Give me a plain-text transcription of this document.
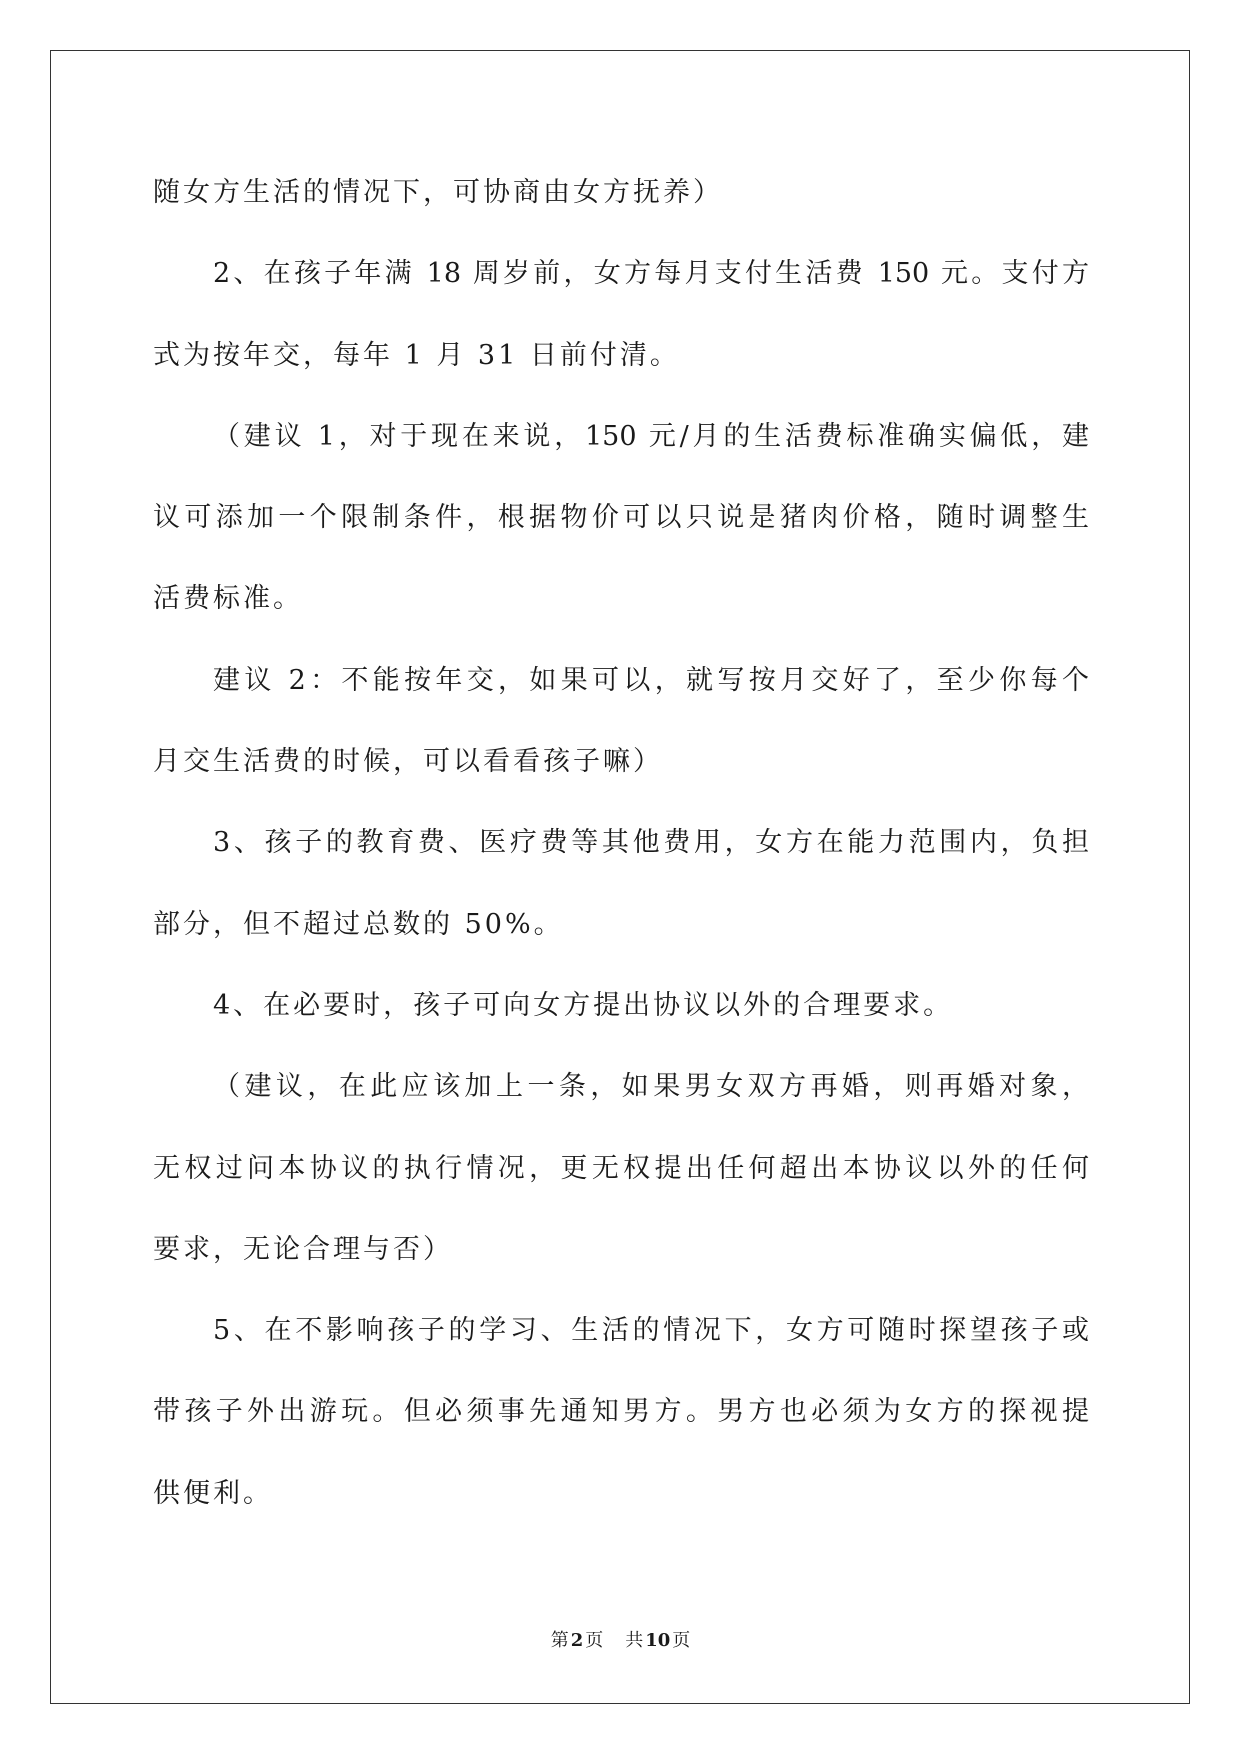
随女方生活的情况下，可协商由女方抚养）
2、在孩子年满 18 周岁前，女方每月支付生活费 150 元。支付方
式为按年交，每年 1 月 31 日前付清。
（建议 1，对于现在来说，150 元/月的生活费标准确实偏低，建
议可添加一个限制条件，根据物价可以只说是猪肉价格，随时调整生
活费标准。
建议 2：不能按年交，如果可以，就写按月交好了，至少你每个
月交生活费的时候，可以看看孩子嘛）
3、孩子的教育费、医疗费等其他费用，女方在能力范围内，负担
部分，但不超过总数的 50%。
4、在必要时，孩子可向女方提出协议以外的合理要求。
（建议，在此应该加上一条，如果男女双方再婚，则再婚对象，
无权过问本协议的执行情况，更无权提出任何超出本协议以外的任何
要求，无论合理与否）
5、在不影响孩子的学习、生活的情况下，女方可随时探望孩子或
带孩子外出游玩。但必须事先通知男方。男方也必须为女方的探视提
供便利。
第 2 页 共 10 页
